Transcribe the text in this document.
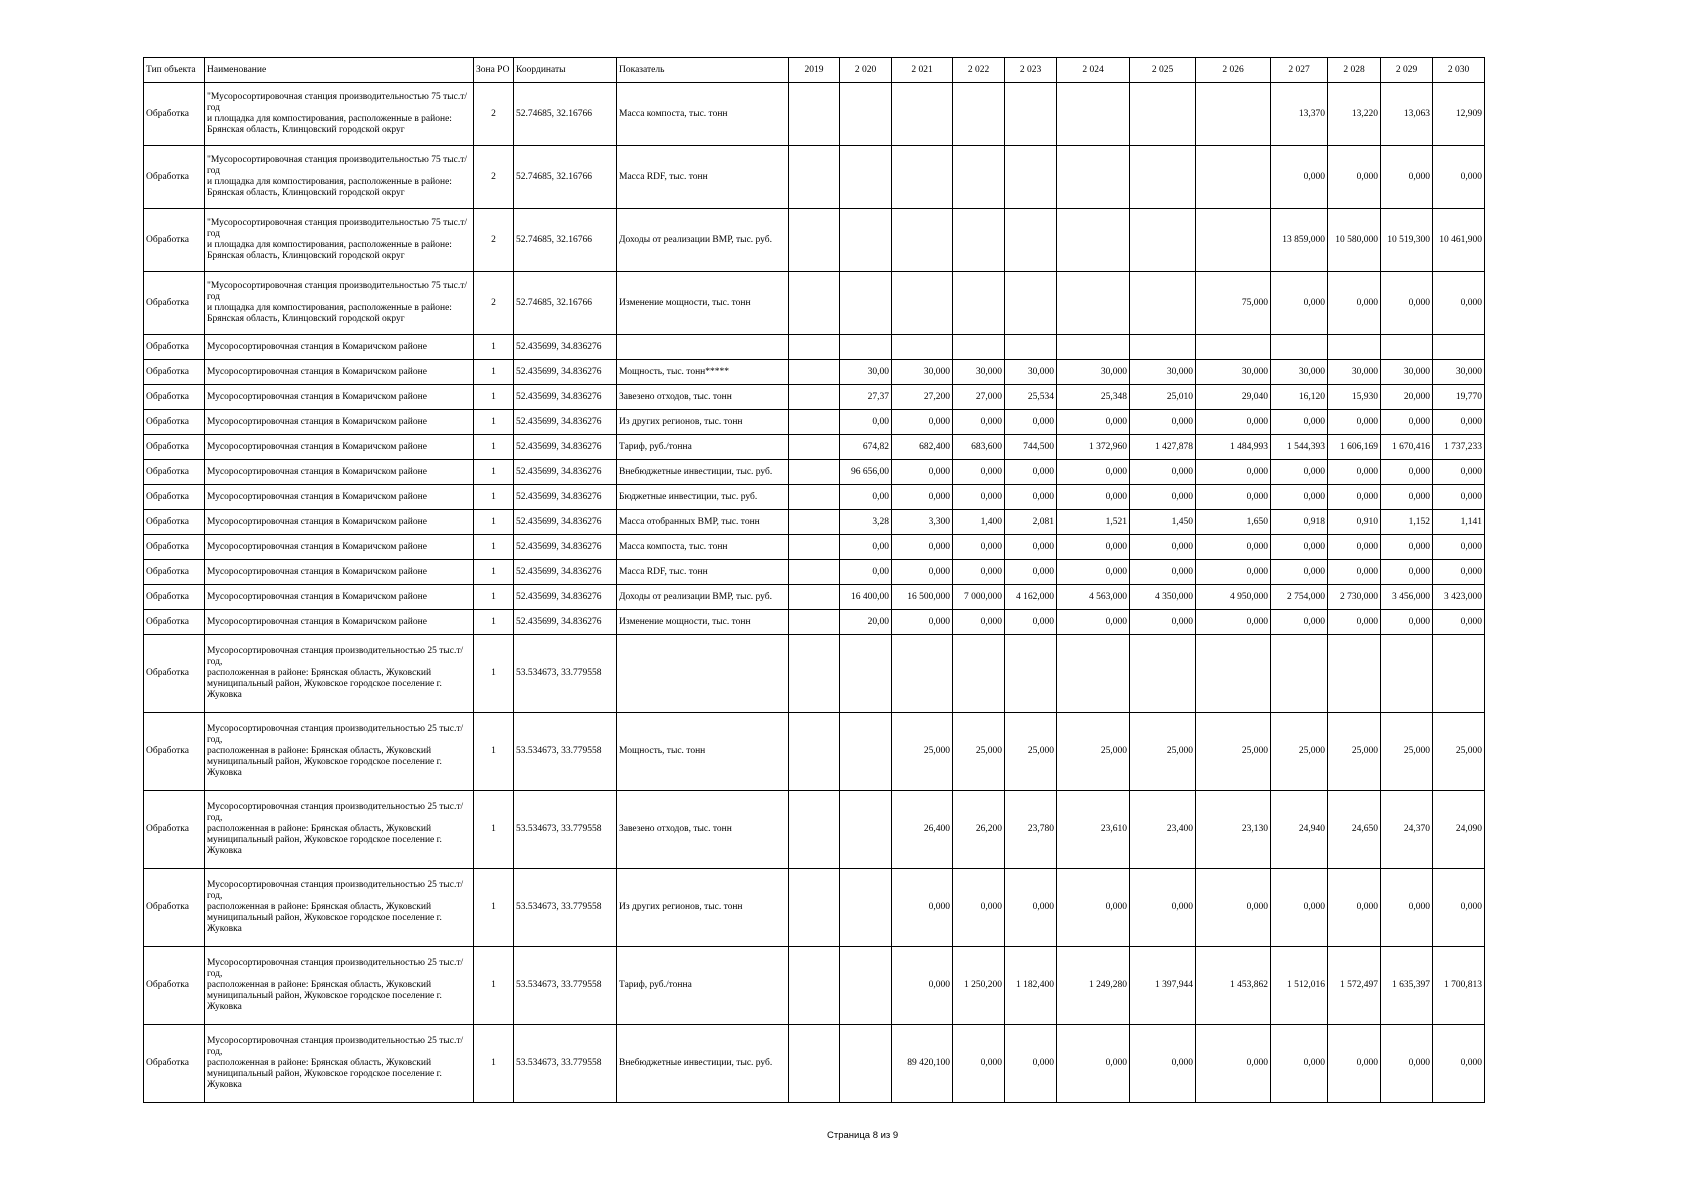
Тип объекта	Наименование	Зона РО	Координаты	Показатель	2019	2 020	2 021	2 022	2 023	2 024	2 025	2 026	2 027	2 028	2 029	2 030
Обработка	"Мусоросортировочная станция производительностью 75 тыс.т/год
и площадка для компостирования, расположенные в районе:
Брянская область, Клинцовский городской округ	2	52.74685, 32.16766	Масса компоста, тыс. тонн									13,370	13,220	13,063	12,909
Обработка	"Мусоросортировочная станция производительностью 75 тыс.т/год
и площадка для компостирования, расположенные в районе:
Брянская область, Клинцовский городской округ	2	52.74685, 32.16766	Масса RDF, тыс. тонн									0,000	0,000	0,000	0,000
Обработка	"Мусоросортировочная станция производительностью 75 тыс.т/год
и площадка для компостирования, расположенные в районе:
Брянская область, Клинцовский городской округ	2	52.74685, 32.16766	Доходы от реализации ВМР, тыс. руб.									13 859,000	10 580,000	10 519,300	10 461,900
Обработка	"Мусоросортировочная станция производительностью 75 тыс.т/год
и площадка для компостирования, расположенные в районе:
Брянская область, Клинцовский городской округ	2	52.74685, 32.16766	Изменение мощности, тыс. тонн								75,000	0,000	0,000	0,000	0,000
Обработка	Мусоросортировочная станция в Комаричском районе	1	52.435699, 34.836276													
Обработка	Мусоросортировочная станция в Комаричском районе	1	52.435699, 34.836276	Мощность, тыс. тонн*****		30,00	30,000	30,000	30,000	30,000	30,000	30,000	30,000	30,000	30,000	30,000
Обработка	Мусоросортировочная станция в Комаричском районе	1	52.435699, 34.836276	Завезено отходов, тыс. тонн		27,37	27,200	27,000	25,534	25,348	25,010	29,040	16,120	15,930	20,000	19,770
Обработка	Мусоросортировочная станция в Комаричском районе	1	52.435699, 34.836276	Из других регионов, тыс. тонн		0,00	0,000	0,000	0,000	0,000	0,000	0,000	0,000	0,000	0,000	0,000
Обработка	Мусоросортировочная станция в Комаричском районе	1	52.435699, 34.836276	Тариф, руб./тонна		674,82	682,400	683,600	744,500	1 372,960	1 427,878	1 484,993	1 544,393	1 606,169	1 670,416	1 737,233
Обработка	Мусоросортировочная станция в Комаричском районе	1	52.435699, 34.836276	Внебюджетные инвестиции, тыс. руб.		96 656,00	0,000	0,000	0,000	0,000	0,000	0,000	0,000	0,000	0,000	0,000
Обработка	Мусоросортировочная станция в Комаричском районе	1	52.435699, 34.836276	Бюджетные инвестиции, тыс. руб.		0,00	0,000	0,000	0,000	0,000	0,000	0,000	0,000	0,000	0,000	0,000
Обработка	Мусоросортировочная станция в Комаричском районе	1	52.435699, 34.836276	Масса отобранных ВМР, тыс. тонн		3,28	3,300	1,400	2,081	1,521	1,450	1,650	0,918	0,910	1,152	1,141
Обработка	Мусоросортировочная станция в Комаричском районе	1	52.435699, 34.836276	Масса компоста, тыс. тонн		0,00	0,000	0,000	0,000	0,000	0,000	0,000	0,000	0,000	0,000	0,000
Обработка	Мусоросортировочная станция в Комаричском районе	1	52.435699, 34.836276	Масса RDF, тыс. тонн		0,00	0,000	0,000	0,000	0,000	0,000	0,000	0,000	0,000	0,000	0,000
Обработка	Мусоросортировочная станция в Комаричском районе	1	52.435699, 34.836276	Доходы от реализации ВМР, тыс. руб.		16 400,00	16 500,000	7 000,000	4 162,000	4 563,000	4 350,000	4 950,000	2 754,000	2 730,000	3 456,000	3 423,000
Обработка	Мусоросортировочная станция в Комаричском районе	1	52.435699, 34.836276	Изменение мощности, тыс. тонн		20,00	0,000	0,000	0,000	0,000	0,000	0,000	0,000	0,000	0,000	0,000
Обработка	Мусоросортировочная станция производительностью 25 тыс.т/год,
расположенная в районе: Брянская область, Жуковский муниципальный район, Жуковское городское поселение г. Жуковка	1	53.534673, 33.779558													
Обработка	Мусоросортировочная станция производительностью 25 тыс.т/год,
расположенная в районе: Брянская область, Жуковский муниципальный район, Жуковское городское поселение г. Жуковка	1	53.534673, 33.779558	Мощность, тыс. тонн			25,000	25,000	25,000	25,000	25,000	25,000	25,000	25,000	25,000	25,000
Обработка	Мусоросортировочная станция производительностью 25 тыс.т/год,
расположенная в районе: Брянская область, Жуковский муниципальный район, Жуковское городское поселение г. Жуковка	1	53.534673, 33.779558	Завезено отходов, тыс. тонн			26,400	26,200	23,780	23,610	23,400	23,130	24,940	24,650	24,370	24,090
Обработка	Мусоросортировочная станция производительностью 25 тыс.т/год,
расположенная в районе: Брянская область, Жуковский муниципальный район, Жуковское городское поселение г. Жуковка	1	53.534673, 33.779558	Из других регионов, тыс. тонн			0,000	0,000	0,000	0,000	0,000	0,000	0,000	0,000	0,000	0,000
Обработка	Мусоросортировочная станция производительностью 25 тыс.т/год,
расположенная в районе: Брянская область, Жуковский муниципальный район, Жуковское городское поселение г. Жуковка	1	53.534673, 33.779558	Тариф, руб./тонна			0,000	1 250,200	1 182,400	1 249,280	1 397,944	1 453,862	1 512,016	1 572,497	1 635,397	1 700,813
Обработка	Мусоросортировочная станция производительностью 25 тыс.т/год,
расположенная в районе: Брянская область, Жуковский муниципальный район, Жуковское городское поселение г. Жуковка	1	53.534673, 33.779558	Внебюджетные инвестиции, тыс. руб.			89 420,100	0,000	0,000	0,000	0,000	0,000	0,000	0,000	0,000	0,000
Страница 8 из 9
